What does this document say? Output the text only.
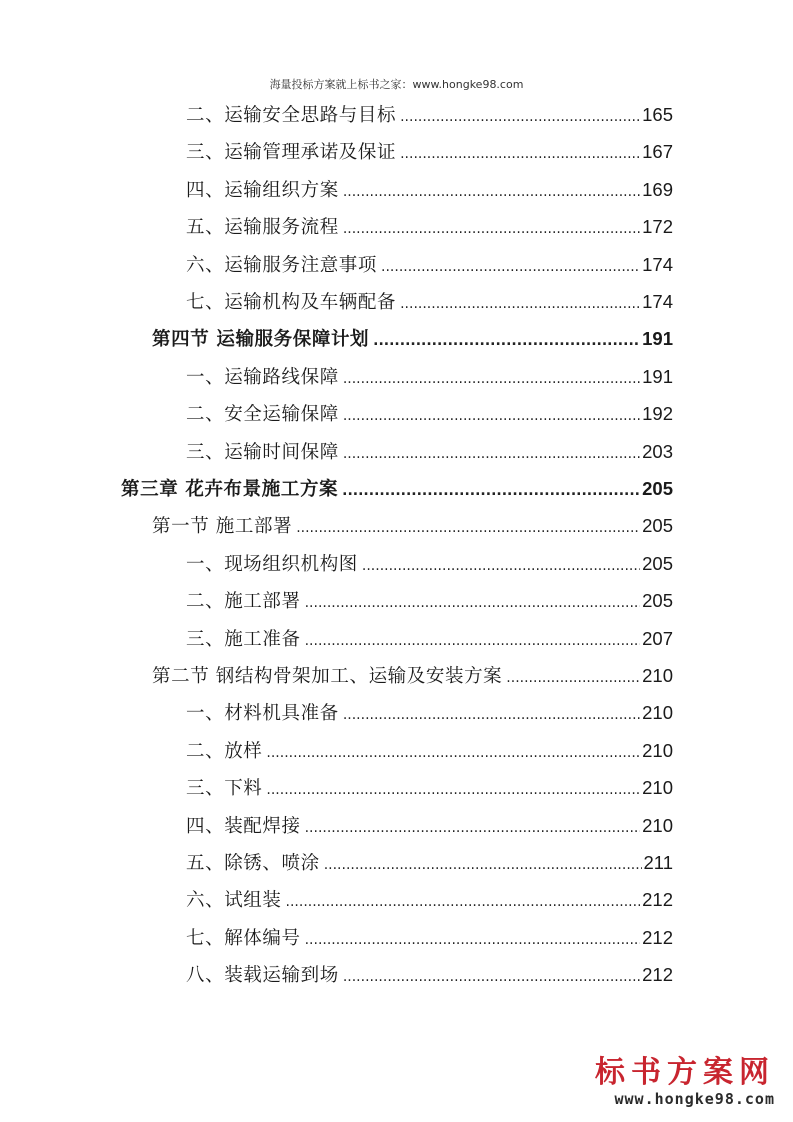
海量投标方案就上标书之家：www.hongke98.com
二、运输安全思路与目标 .....	165
三、运输管理承诺及保证 .....	167
四、运输组织方案 .....	169
五、运输服务流程 .....	172
六、运输服务注意事项 .....	174
七、运输机构及车辆配备 .....	174
第四节 运输服务保障计划 .....	191
一、运输路线保障 .....	191
二、安全运输保障 .....	192
三、运输时间保障 .....	203
第三章 花卉布景施工方案 .....	205
第一节 施工部署 .....	205
一、现场组织机构图 .....	205
二、施工部署 .....	205
三、施工准备 .....	207
第二节 钢结构骨架加工、运输及安装方案 .....	210
一、材料机具准备 .....	210
二、放样 .....	210
三、下料 .....	210
四、装配焊接 .....	210
五、除锈、喷涂 .....	211
六、试组装 .....	212
七、解体编号 .....	212
八、装载运输到场 .....	212
标书方案网
www.hongke98.com
